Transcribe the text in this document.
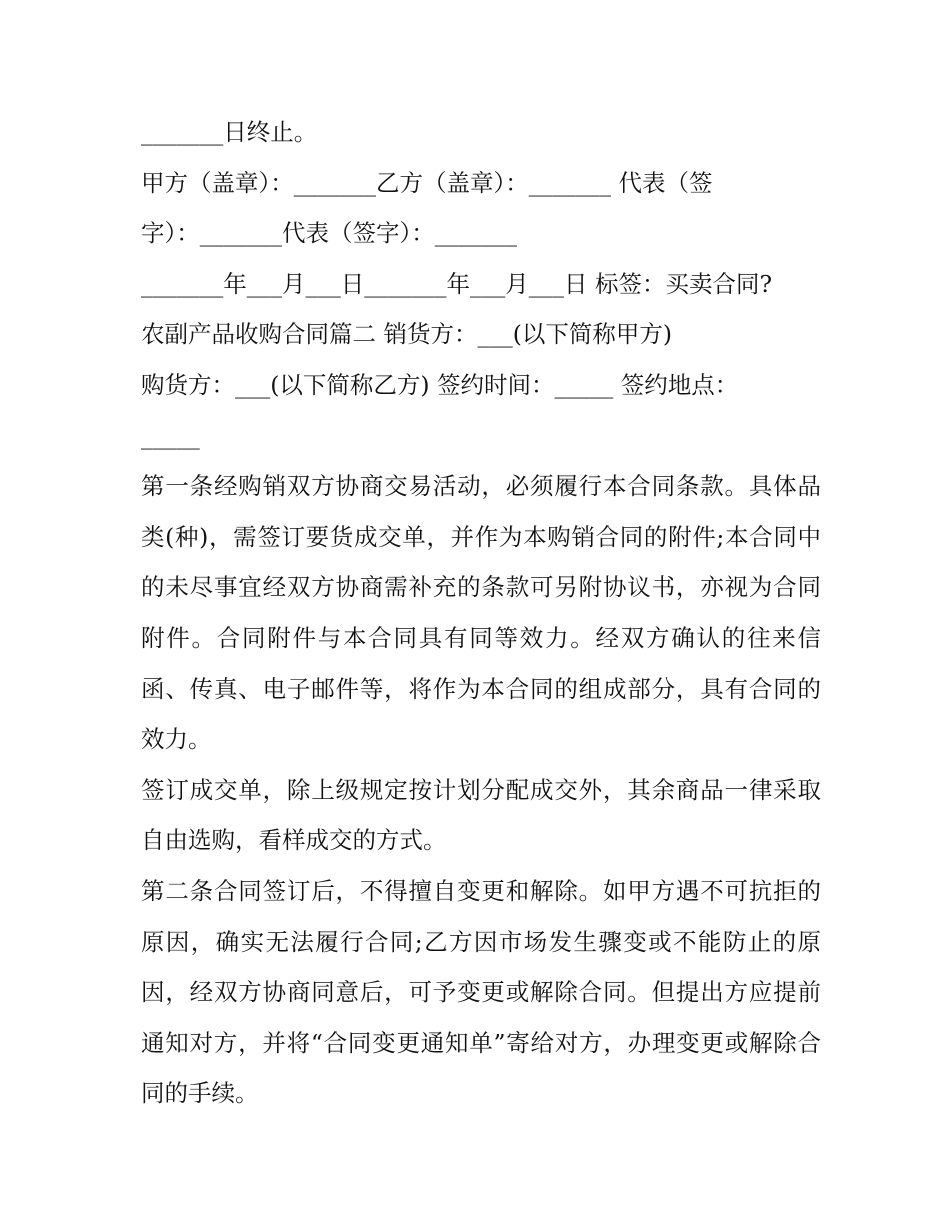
_______日终止。
甲方（盖章）：_______乙方（盖章）：_______ 代表（签
字）：_______代表（签字）：_______
_______年___月___日_______年___月___日 标签：买卖合同?
农副产品收购合同篇二 销货方：___(以下简称甲方)
购货方：___(以下简称乙方) 签约时间：_____ 签约地点：
_____
第一条经购销双方协商交易活动，必须履行本合同条款。具体品类(种)，需签订要货成交单，并作为本购销合同的附件;本合同中的未尽事宜经双方协商需补充的条款可另附协议书，亦视为合同附件。合同附件与本合同具有同等效力。经双方确认的往来信函、传真、电子邮件等，将作为本合同的组成部分，具有合同的效力。
签订成交单，除上级规定按计划分配成交外，其余商品一律采取自由选购，看样成交的方式。
第二条合同签订后，不得擅自变更和解除。如甲方遇不可抗拒的原因，确实无法履行合同;乙方因市场发生骤变或不能防止的原因，经双方协商同意后，可予变更或解除合同。但提出方应提前通知对方，并将“合同变更通知单”寄给对方，办理变更或解除合同的手续。
